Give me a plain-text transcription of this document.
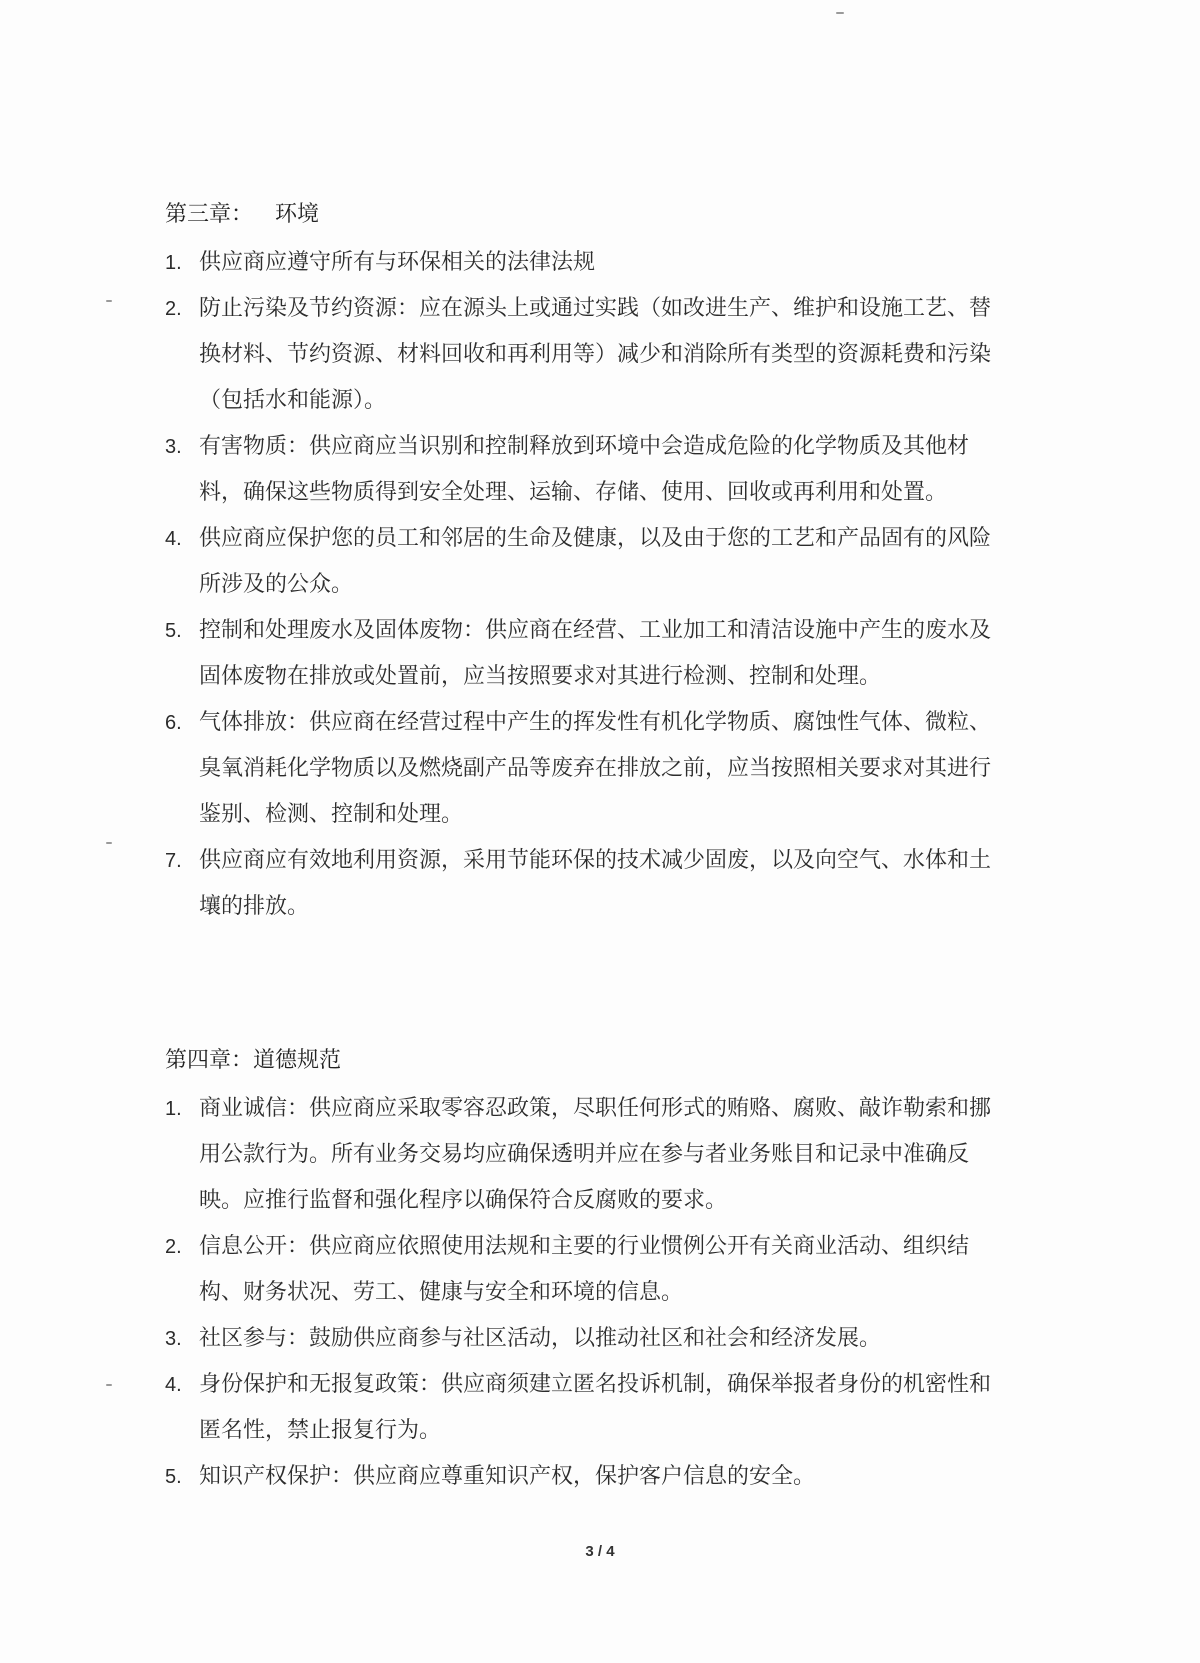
第三章： 环境
1. 供应商应遵守所有与环保相关的法律法规
2. 防止污染及节约资源：应在源头上或通过实践（如改进生产、维护和设施工艺、替换材料、节约资源、材料回收和再利用等）减少和消除所有类型的资源耗费和污染（包括水和能源）。
3. 有害物质：供应商应当识别和控制释放到环境中会造成危险的化学物质及其他材料，确保这些物质得到安全处理、运输、存储、使用、回收或再利用和处置。
4. 供应商应保护您的员工和邻居的生命及健康，以及由于您的工艺和产品固有的风险所涉及的公众。
5. 控制和处理废水及固体废物：供应商在经营、工业加工和清洁设施中产生的废水及固体废物在排放或处置前，应当按照要求对其进行检测、控制和处理。
6. 气体排放：供应商在经营过程中产生的挥发性有机化学物质、腐蚀性气体、微粒、臭氧消耗化学物质以及燃烧副产品等废弃在排放之前，应当按照相关要求对其进行鉴别、检测、控制和处理。
7. 供应商应有效地利用资源，采用节能环保的技术减少固废，以及向空气、水体和土壤的排放。
第四章：道德规范
1. 商业诚信：供应商应采取零容忍政策，尽职任何形式的贿赂、腐败、敲诈勒索和挪用公款行为。所有业务交易均应确保透明并应在参与者业务账目和记录中准确反映。应推行监督和强化程序以确保符合反腐败的要求。
2. 信息公开：供应商应依照使用法规和主要的行业惯例公开有关商业活动、组织结构、财务状况、劳工、健康与安全和环境的信息。
3. 社区参与：鼓励供应商参与社区活动，以推动社区和社会和经济发展。
4. 身份保护和无报复政策：供应商须建立匿名投诉机制，确保举报者身份的机密性和匿名性，禁止报复行为。
5. 知识产权保护：供应商应尊重知识产权，保护客户信息的安全。
3 / 4
